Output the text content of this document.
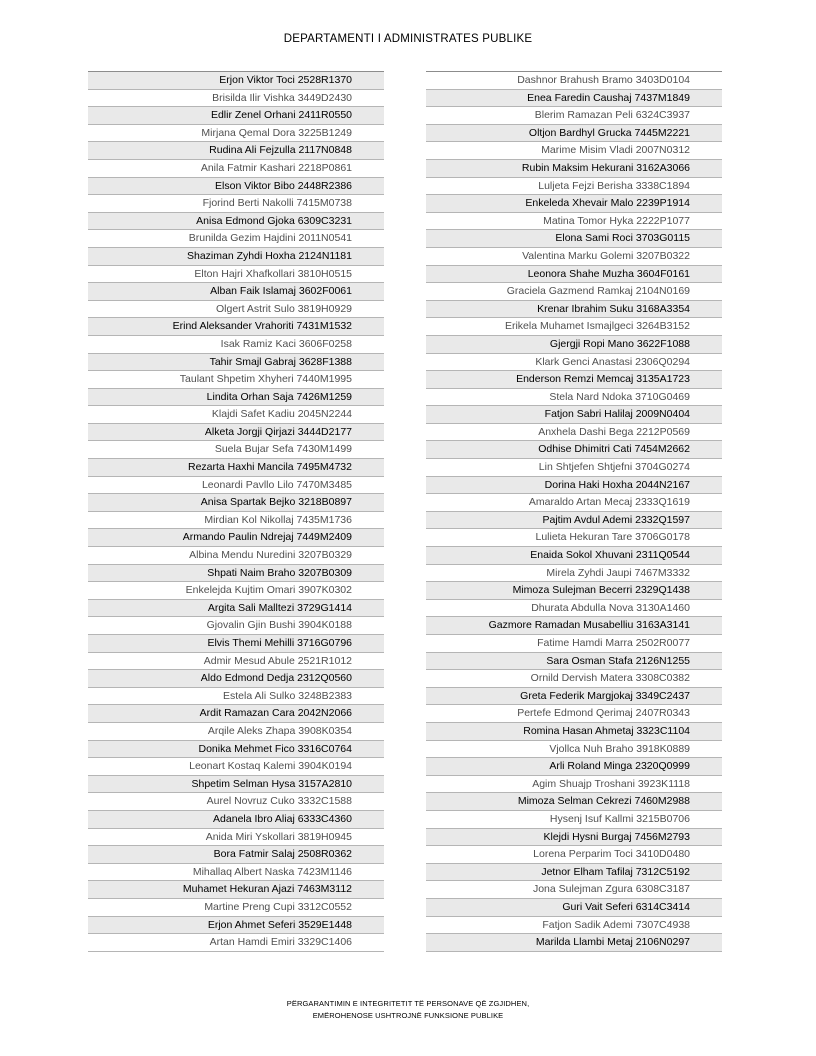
DEPARTAMENTI I ADMINISTRATES PUBLIKE
Erjon Viktor Toci 2528R1370
Brisilda Ilir Vishka 3449D2430
Edlir Zenel Orhani 2411R0550
Mirjana Qemal Dora 3225B1249
Rudina Ali Fejzulla 2117N0848
Anila Fatmir Kashari 2218P0861
Elson Viktor Bibo 2448R2386
Fjorind Berti Nakolli 7415M0738
Anisa Edmond Gjoka 6309C3231
Brunilda Gezim Hajdini 2011N0541
Shaziman Zyhdi Hoxha 2124N1181
Elton Hajri Xhafkollari 3810H0515
Alban Faik Islamaj 3602F0061
Olgert Astrit Sulo 3819H0929
Erind Aleksander Vrahoriti 7431M1532
Isak Ramiz Kaci 3606F0258
Tahir Smajl Gabraj 3628F1388
Taulant Shpetim Xhyheri 7440M1995
Lindita Orhan Saja 7426M1259
Klajdi Safet Kadiu 2045N2244
Alketa Jorgji Qirjazi 3444D2177
Suela Bujar Sefa 7430M1499
Rezarta Haxhi Mancila 7495M4732
Leonardi Pavllo Lilo 7470M3485
Anisa Spartak Bejko 3218B0897
Mirdian Kol Nikollaj 7435M1736
Armando Paulin Ndrejaj 7449M2409
Albina Mendu Nuredini 3207B0329
Shpati Naim Braho 3207B0309
Enkelejda Kujtim Omari 3907K0302
Argita Sali Malltezi 3729G1414
Gjovalin Gjin Bushi 3904K0188
Elvis Themi Mehilli 3716G0796
Admir Mesud Abule 2521R1012
Aldo Edmond Dedja 2312Q0560
Estela Ali Sulko 3248B2383
Ardit Ramazan Cara 2042N2066
Arqile Aleks Zhapa 3908K0354
Donika Mehmet Fico 3316C0764
Leonart Kostaq Kalemi 3904K0194
Shpetim Selman Hysa 3157A2810
Aurel Novruz Cuko 3332C1588
Adanela Ibro Aliaj 6333C4360
Anida Miri Yskollari 3819H0945
Bora Fatmir Salaj 2508R0362
Mihallaq Albert Naska 7423M1146
Muhamet Hekuran Ajazi 7463M3112
Martine Preng Cupi 3312C0552
Erjon Ahmet Seferi 3529E1448
Artan Hamdi Emiri 3329C1406
Dashnor Brahush Bramo 3403D0104
Enea Faredin Caushaj 7437M1849
Blerim Ramazan Peli 6324C3937
Oltjon Bardhyl Grucka 7445M2221
Marime Misim Vladi 2007N0312
Rubin Maksim Hekurani 3162A3066
Luljeta Fejzi Berisha 3338C1894
Enkeleda Xhevair Malo 2239P1914
Matina Tomor Hyka 2222P1077
Elona Sami Roci 3703G0115
Valentina Marku Golemi 3207B0322
Leonora Shahe Muzha 3604F0161
Graciela Gazmend Ramkaj 2104N0169
Krenar Ibrahim Suku 3168A3354
Erikela Muhamet Ismajlgeci 3264B3152
Gjergji Ropi Mano 3622F1088
Klark Genci Anastasi 2306Q0294
Enderson Remzi Memcaj 3135A1723
Stela Nard Ndoka 3710G0469
Fatjon Sabri Halilaj 2009N0404
Anxhela Dashi Bega 2212P0569
Odhise Dhimitri Cati 7454M2662
Lin Shtjefen Shtjefni 3704G0274
Dorina Haki Hoxha 2044N2167
Amaraldo Artan Mecaj 2333Q1619
Pajtim Avdul Ademi 2332Q1597
Lulieta Hekuran Tare 3706G0178
Enaida Sokol Xhuvani 2311Q0544
Mirela Zyhdi Jaupi 7467M3332
Mimoza Sulejman Becerri 2329Q1438
Dhurata Abdulla Nova 3130A1460
Gazmore Ramadan Musabelliu 3163A3141
Fatime Hamdi Marra 2502R0077
Sara Osman Stafa 2126N1255
Ornild Dervish Matera 3308C0382
Greta Federik Margjokaj 3349C2437
Pertefe Edmond Qerimaj 2407R0343
Romina Hasan Ahmetaj 3323C1104
Vjollca Nuh Braho 3918K0889
Arli Roland Minga 2320Q0999
Agim Shuajp Troshani 3923K1118
Mimoza Selman Cekrezi 7460M2988
Hysenj Isuf Kallmi 3215B0706
Klejdi Hysni Burgaj 7456M2793
Lorena Perparim Toci 3410D0480
Jetnor Elham Tafilaj 7312C5192
Jona Sulejman Zgura 6308C3187
Guri Vait Seferi 6314C3414
Fatjon Sadik Ademi 7307C4938
Marilda Llambi Metaj 2106N0297
PËRGARANTIMIN E INTEGRITETIT TË PERSONAVE QË ZGJIDHEN,
EMËROHENOSE USHTROJNË FUNKSIONE PUBLIKE
